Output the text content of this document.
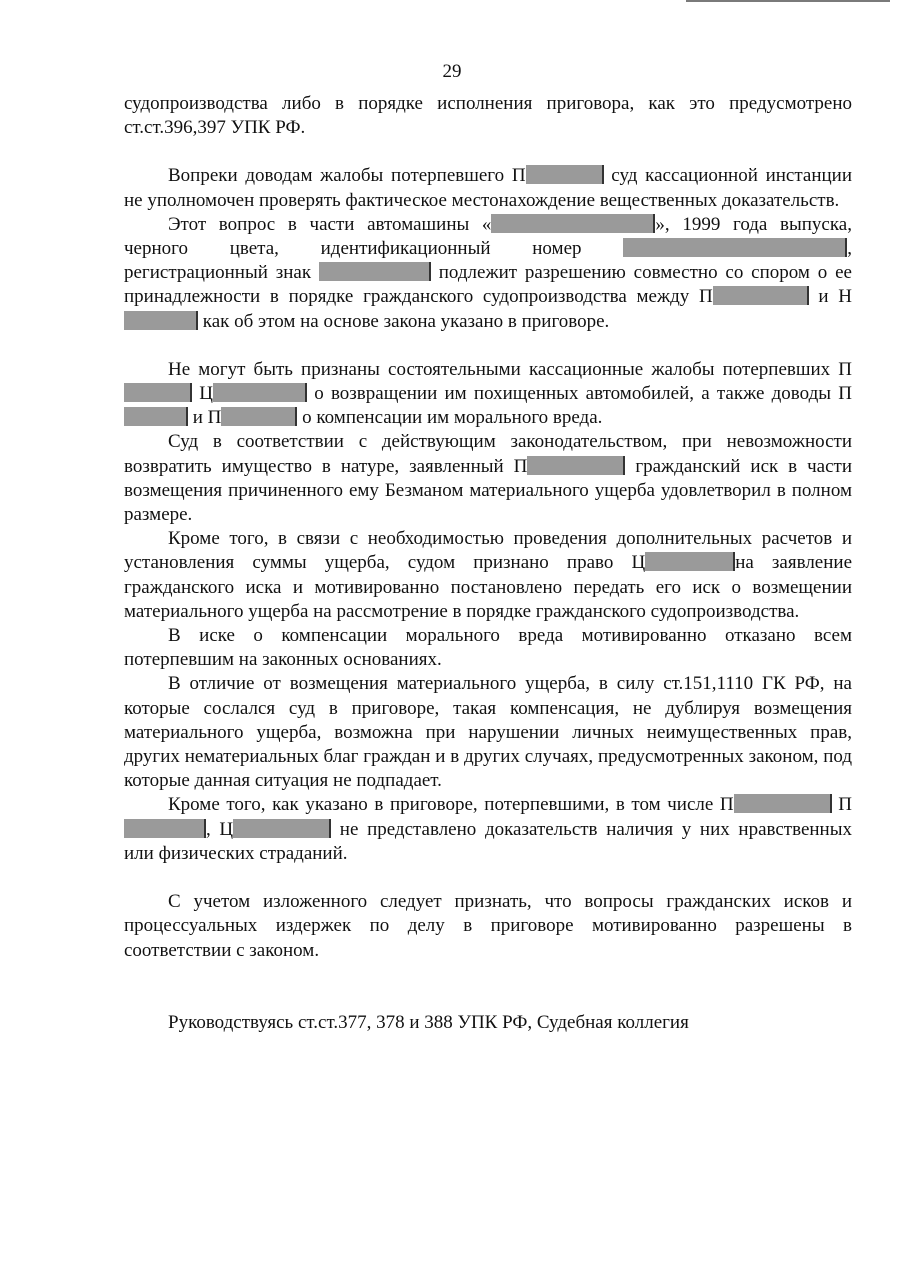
29

судопроизводства либо в порядке исполнения приговора, как это предусмотрено ст.ст.396,397 УПК РФ.

Вопреки доводам жалобы потерпевшего П	суд кассационной инстанции не уполномочен проверять фактическое местонахождение вещественных доказательств.

Этот вопрос в части автомашины «	», 1999 года выпуска, черного цвета, идентификационный номер	, регистрационный знак	подлежит разрешению совместно со спором о ее принадлежности в порядке гражданского судопроизводства между П	и Н как об этом на основе закона указано в приговоре.

Не могут быть признаны состоятельными кассационные жалобы потерпевших П Ц	о возвращении им похищенных автомобилей, а также доводы П и П	о компенсации им морального вреда.

Суд в соответствии с действующим законодательством, при невозможности возвратить имущество в натуре, заявленный П	гражданский иск в части возмещения причиненного ему Безманом материального ущерба удовлетворил в полном размере.

Кроме того, в связи с необходимостью проведения дополнительных расчетов и установления суммы ущерба, судом признано право Ц	на заявление гражданского иска и мотивированно постановлено передать его иск о возмещении материального ущерба на рассмотрение в порядке гражданского судопроизводства.

В иске о компенсации морального вреда мотивированно отказано всем потерпевшим на законных основаниях.

В отличие от возмещения материального ущерба, в силу ст.151,1110 ГК РФ, на которые сослался суд в приговоре, такая компенсация, не дублируя возмещения материального ущерба, возможна при нарушении личных неимущественных прав, других нематериальных благ граждан и в других случаях, предусмотренных законом, под которые данная ситуация не подпадает.

Кроме того, как указано в приговоре, потерпевшими, в том числе П	П, Ц	не представлено доказательств наличия у них нравственных или физических страданий.

С учетом изложенного следует признать, что вопросы гражданских исков и процессуальных издержек по делу в приговоре мотивированно разрешены в соответствии с законом.

Руководствуясь ст.ст.377, 378 и 388 УПК РФ, Судебная коллегия
